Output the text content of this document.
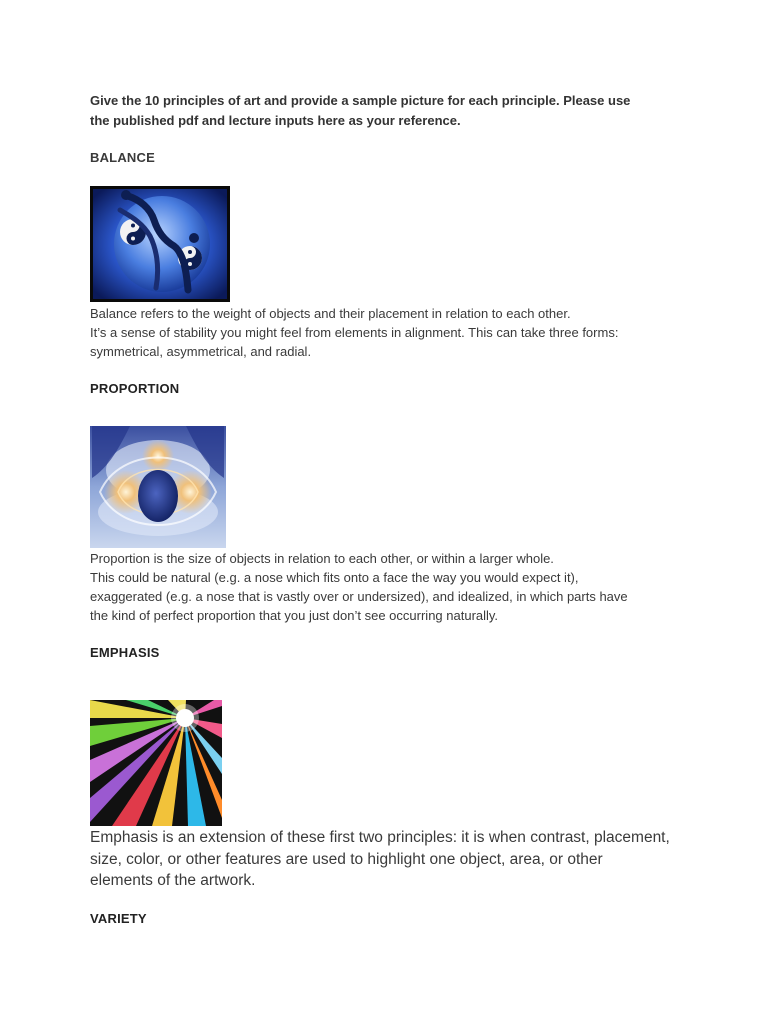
Give the 10 principles of art and provide a sample picture for each principle. Please use
the published pdf and lecture inputs here as your reference.
BALANCE
Balance refers to the weight of objects and their placement in relation to each other.
It’s a sense of stability you might feel from elements in alignment. This can take three forms:
symmetrical, asymmetrical, and radial.
PROPORTION
Proportion is the size of objects in relation to each other, or within a larger whole.
This could be natural (e.g. a nose which fits onto a face the way you would expect it),
exaggerated (e.g. a nose that is vastly over or undersized), and idealized, in which parts have
the kind of perfect proportion that you just don’t see occurring naturally.
EMPHASIS
Emphasis is an extension of these first two principles: it is when contrast, placement,
size, color, or other features are used to highlight one object, area, or other
elements of the artwork.
VARIETY
